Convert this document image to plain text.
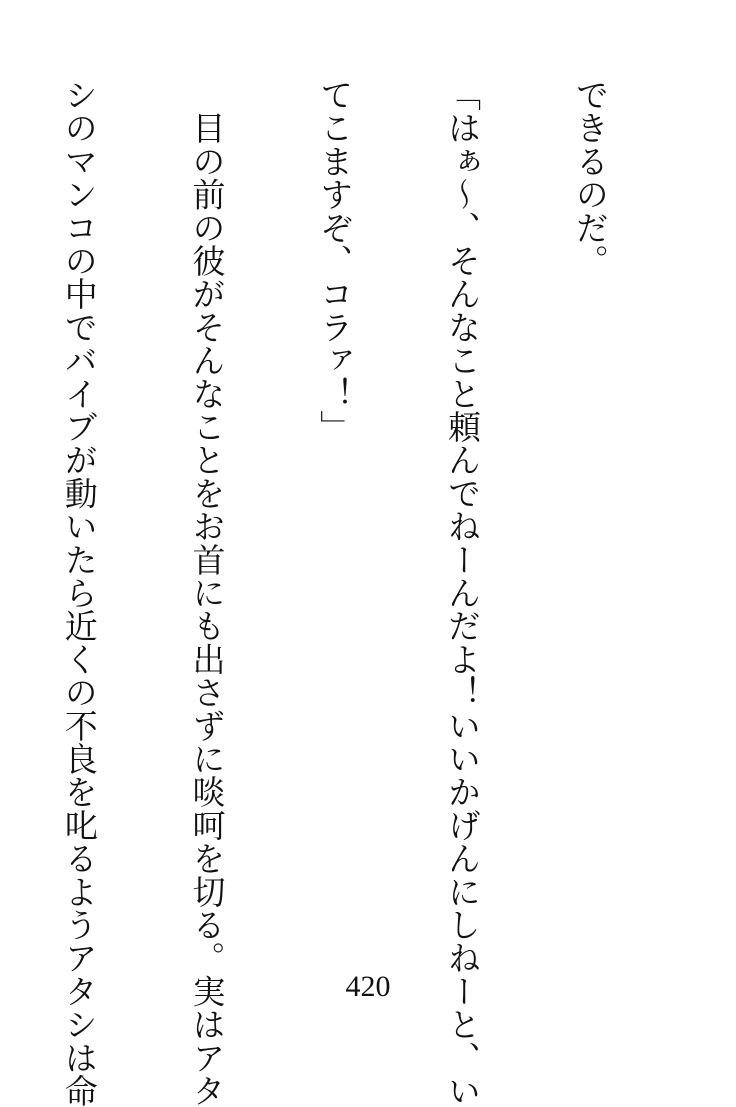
できるのだ。

「はぁ〜、そんなこと頼んでねーんだよ！いいかげんにしねーと、い

てこますぞ、コラァ！」

　目の前の彼がそんなことをお首にも出さずに啖呵を切る。実はアタ

シのマンコの中でバイブが動いたら近くの不良を叱るようアタシは命

	420
